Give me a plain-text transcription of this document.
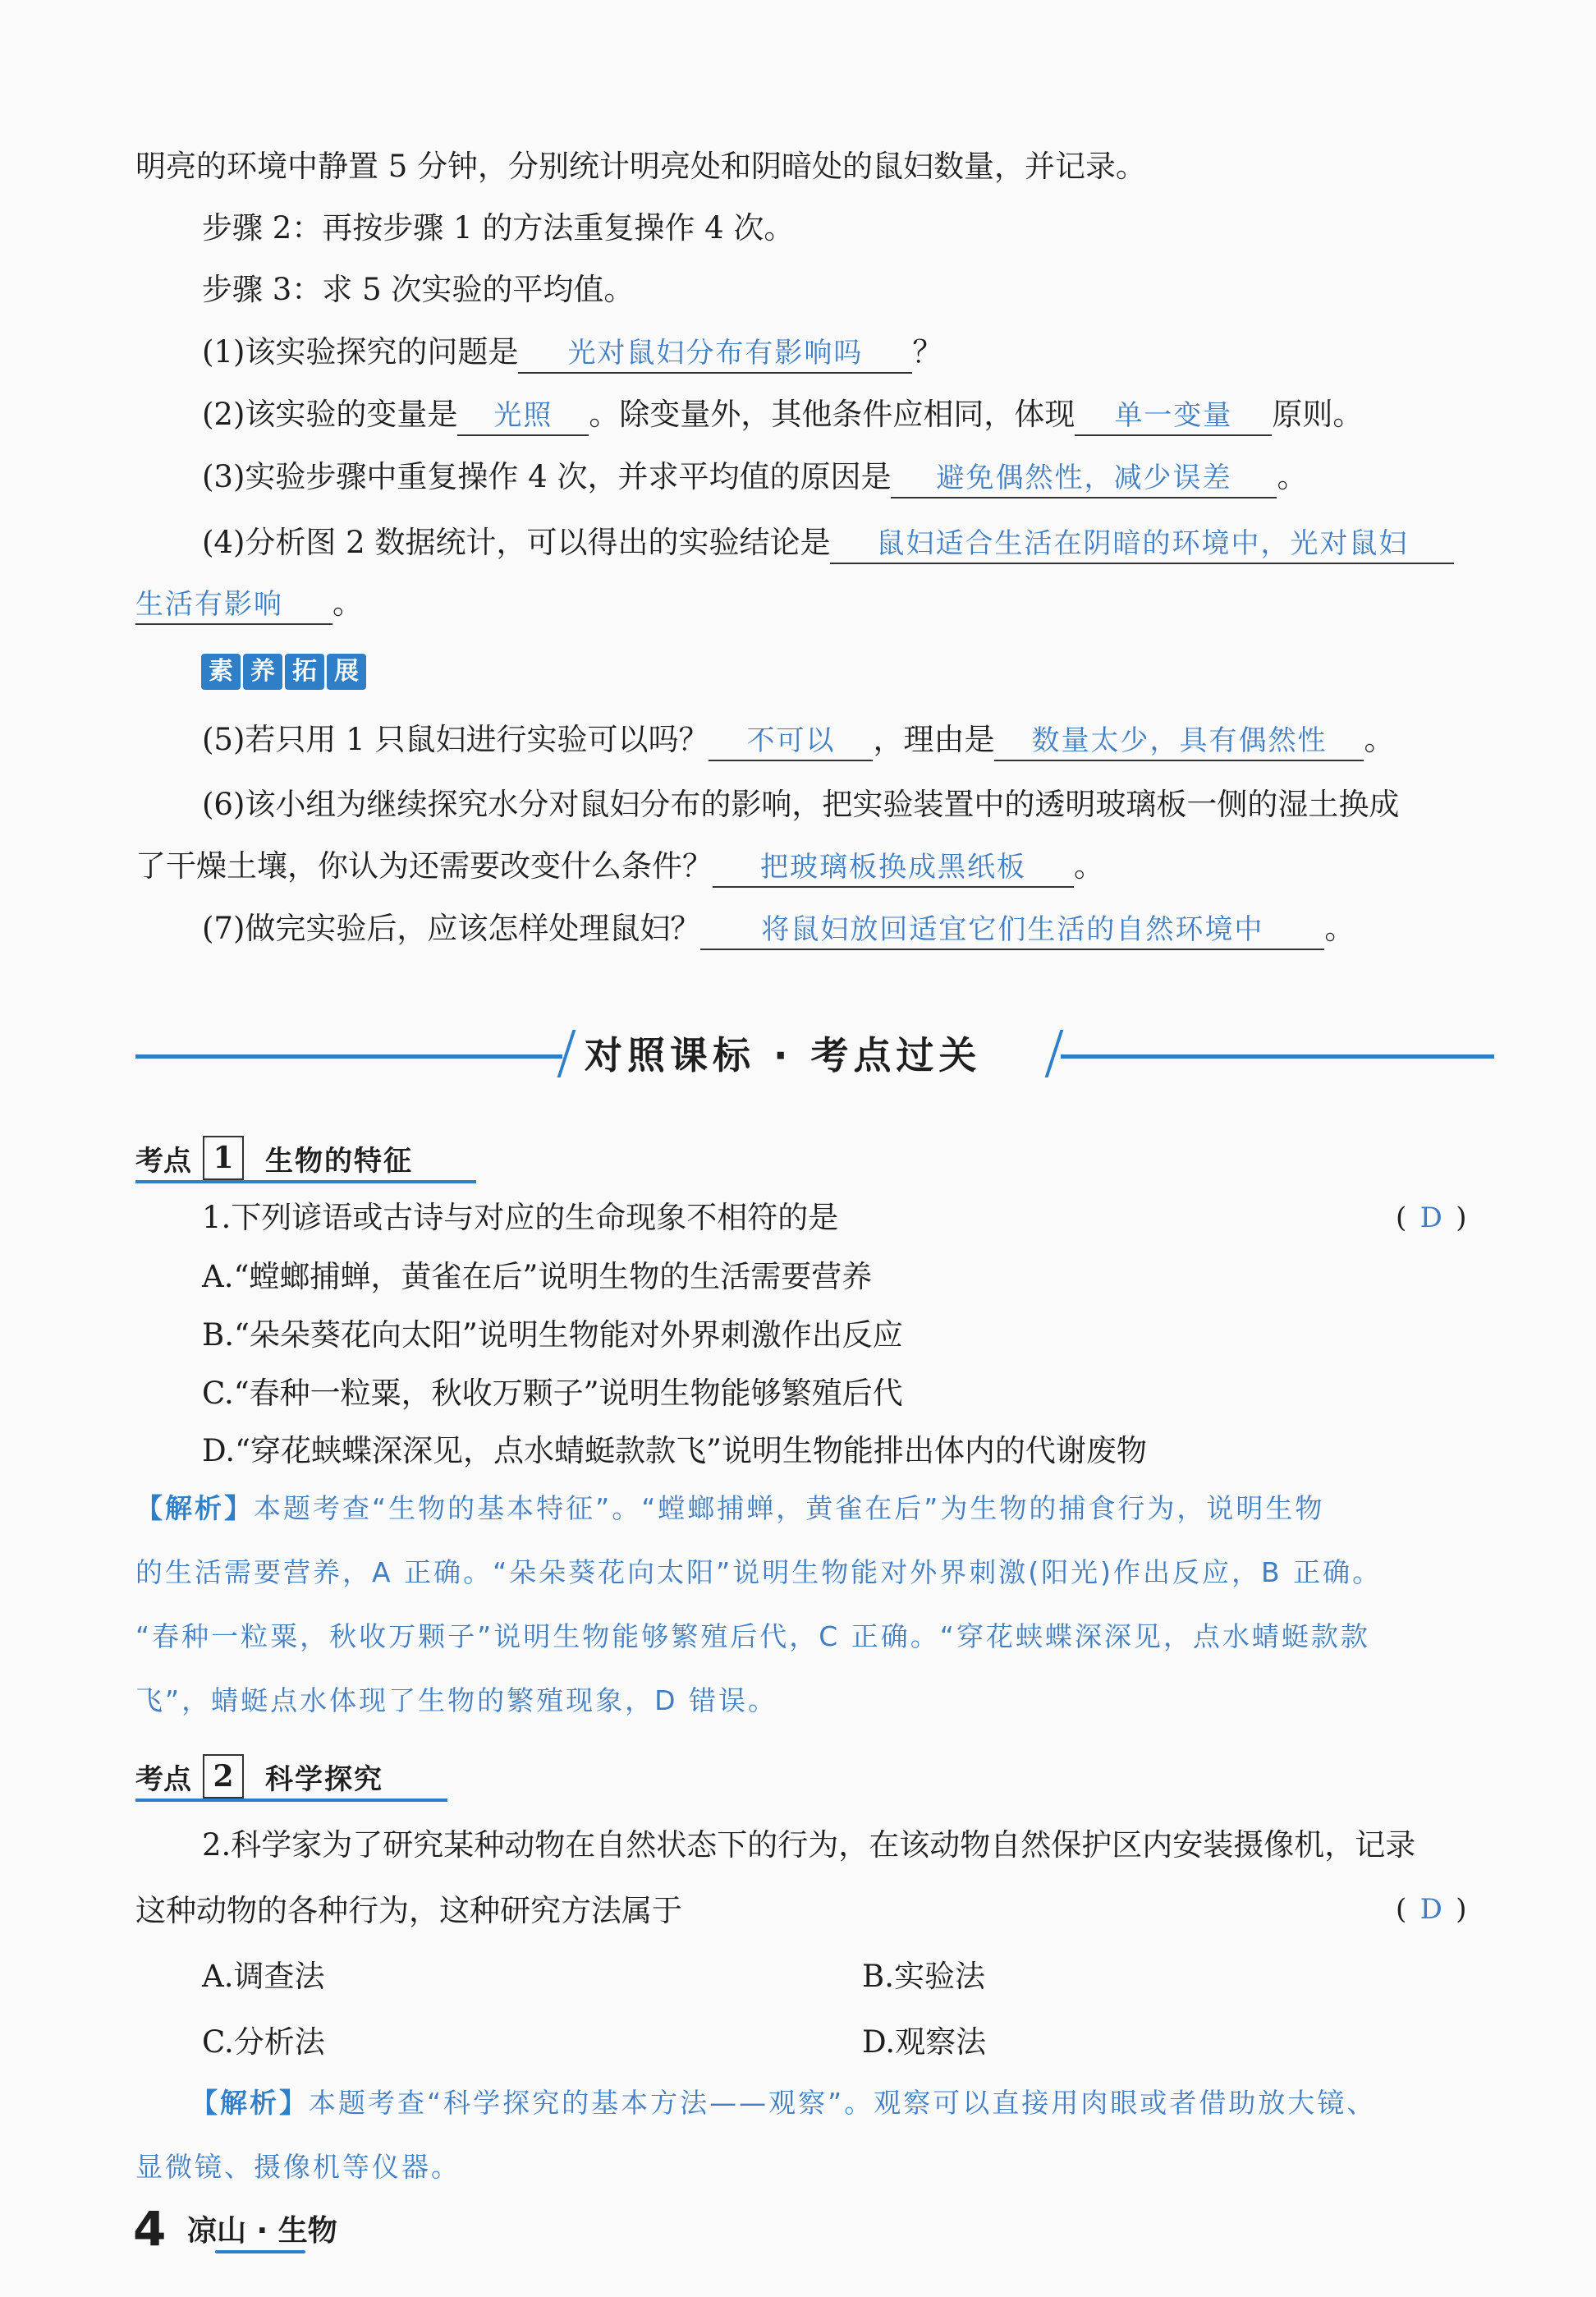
明亮的环境中静置 5 分钟，分别统计明亮处和阴暗处的鼠妇数量，并记录。
步骤 2：再按步骤 1 的方法重复操作 4 次。
步骤 3：求 5 次实验的平均值。
(1)该实验探究的问题是 光对鼠妇分布有影响吗 ？
(2)该实验的变量是 光照 。除变量外，其他条件应相同，体现 单一变量 原则。
(3)实验步骤中重复操作 4 次，并求平均值的原因是 避免偶然性，减少误差 。
(4)分析图 2 数据统计，可以得出的实验结论是 鼠妇适合生活在阴暗的环境中，光对鼠妇
生活有影响 。
素 养 拓 展
(5)若只用 1 只鼠妇进行实验可以吗？ 不可以 ，理由是 数量太少，具有偶然性 。
(6)该小组为继续探究水分对鼠妇分布的影响，把实验装置中的透明玻璃板一侧的湿土换成
了干燥土壤，你认为还需要改变什么条件？ 把玻璃板换成黑纸板 。
(7)做完实验后，应该怎样处理鼠妇？ 将鼠妇放回适宜它们生活的自然环境中 。
对照课标 · 考点过关
考点 1	生物的特征
1.下列谚语或古诗与对应的生命现象不相符的是	( D )
A.“螳螂捕蝉，黄雀在后”说明生物的生活需要营养
B.“朵朵葵花向太阳”说明生物能对外界刺激作出反应
C.“春种一粒粟，秋收万颗子”说明生物能够繁殖后代
D.“穿花蛱蝶深深见，点水蜻蜓款款飞”说明生物能排出体内的代谢废物
【解析】本题考查“生物的基本特征”。“螳螂捕蝉，黄雀在后”为生物的捕食行为，说明生物
的生活需要营养，A 正确。“朵朵葵花向太阳”说明生物能对外界刺激(阳光)作出反应，B 正确。
“春种一粒粟，秋收万颗子”说明生物能够繁殖后代，C 正确。“穿花蛱蝶深深见，点水蜻蜓款款
飞”，蜻蜓点水体现了生物的繁殖现象，D 错误。
考点 2	科学探究
2.科学家为了研究某种动物在自然状态下的行为，在该动物自然保护区内安装摄像机，记录
这种动物的各种行为，这种研究方法属于	( D )
A.调查法	B.实验法
C.分析法	D.观察法
【解析】本题考查“科学探究的基本方法——观察”。观察可以直接用肉眼或者借助放大镜、
显微镜、摄像机等仪器。
4 凉山 · 生物
